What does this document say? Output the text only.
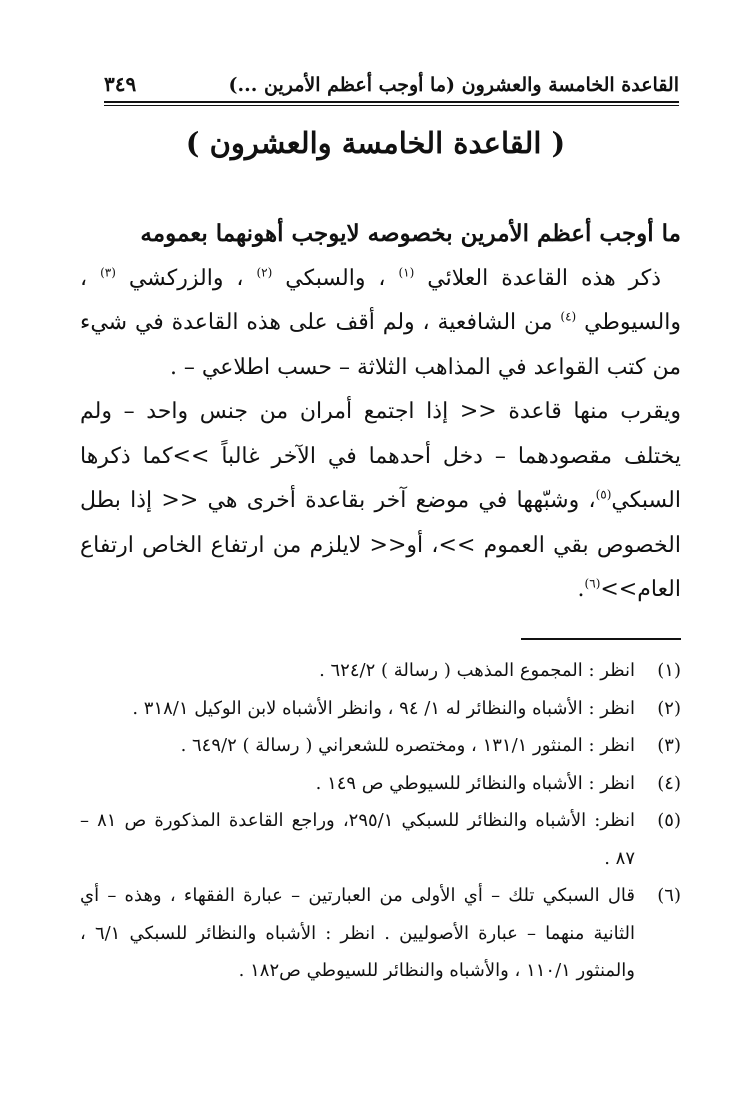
القاعدة الخامسة والعشرون (ما أوجب أعظم الأمرين ...)
٣٤٩
( القاعدة الخامسة والعشرون )

ما أوجب أعظم الأمرين بخصوصه لايوجب أهونهما بعمومه

ذكر هذه القاعدة العلائي $^{(١)}$ ، والسبكي $^{(٢)}$ ، والزركشي $^{(٣)}$ ، والسيوطي $^{(٤)}$ من الشافعية ، ولم أقف على هذه القاعدة في شيء من كتب القواعد في المذاهب الثلاثة – حسب اطلاعي – .

ويقرب منها قاعدة << إذا اجتمع أمران من جنس واحد – ولم يختلف مقصودهما – دخل أحدهما في الآخر غالباً >>كما ذكرها السبكي$^{(٥)}$، وشبّهها في موضع آخر بقاعدة أخرى هي << إذا بطل الخصوص بقي العموم >>، أو<< لايلزم من ارتفاع الخاص ارتفاع العام>>$^{(٦)}$.

(١)
انظر : المجموع المذهب ( رسالة ) ٦٢٤/٢ .
(٢)
انظر : الأشباه والنظائر له ١/ ٩٤ ، وانظر الأشباه لابن الوكيل ٣١٨/١ .
(٣)
انظر : المنثور ١٣١/١ ، ومختصره للشعراني ( رسالة ) ٦٤٩/٢ .
(٤)
انظر : الأشباه والنظائر للسيوطي ص ١٤٩ .
(٥)
انظر: الأشباه والنظائر للسبكي ٢٩٥/١، وراجع القاعدة المذكورة ص ٨١ – ٨٧ .
(٦)
قال السبكي تلك – أي الأولى من العبارتين – عبارة الفقهاء ، وهذه – أي الثانية منهما – عبارة الأصوليين . انظر : الأشباه والنظائر للسبكي ٦/١ ، والمنثور ١١٠/١ ، والأشباه والنظائر للسيوطي ص١٨٢ .
